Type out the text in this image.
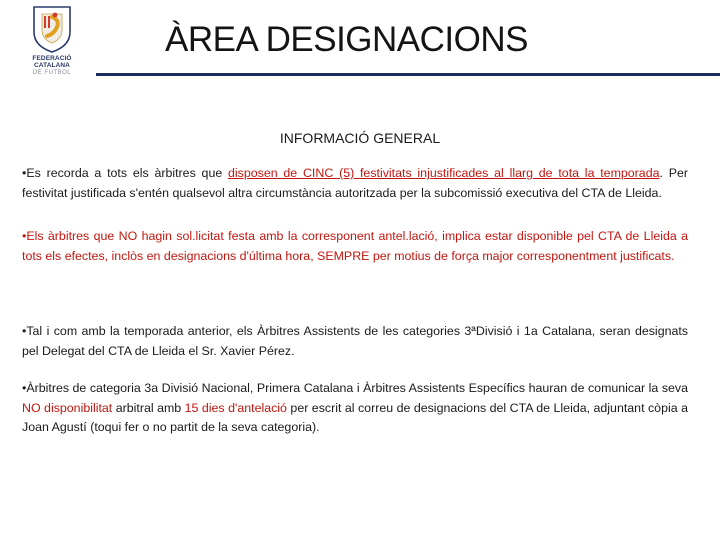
FEDERACIÓ CATALANA
DE FUTBOL
ÀREA DESIGNACIONS
INFORMACIÓ GENERAL

•Es recorda a tots els àrbitres que disposen de CINC (5) festivitats injustificades al llarg de tota la temporada. Per festivitat justificada s'entén qualsevol altra circumstància autoritzada per la subcomissió executiva del CTA de Lleida.

•Els àrbitres que NO hagin sol.licitat festa amb la corresponent antel.lació, implica estar disponible pel CTA de Lleida a tots els efectes, inclòs en designacions d'última hora, SEMPRE per motius de força major corresponentment justificats.

•Tal i com amb la temporada anterior, els Àrbitres Assistents de les categories 3ªDivisió i 1a Catalana, seran designats pel Delegat del CTA de Lleida el Sr. Xavier Pérez.

•Àrbitres de categoria 3a Divisió Nacional, Primera Catalana i Àrbitres Assistents Específics hauran de comunicar la seva NO disponibilitat arbitral amb 15 dies d'antelació per escrit al correu de designacions del CTA de Lleida, adjuntant còpia a Joan Agustí (toqui fer o no partit de la seva categoria).
